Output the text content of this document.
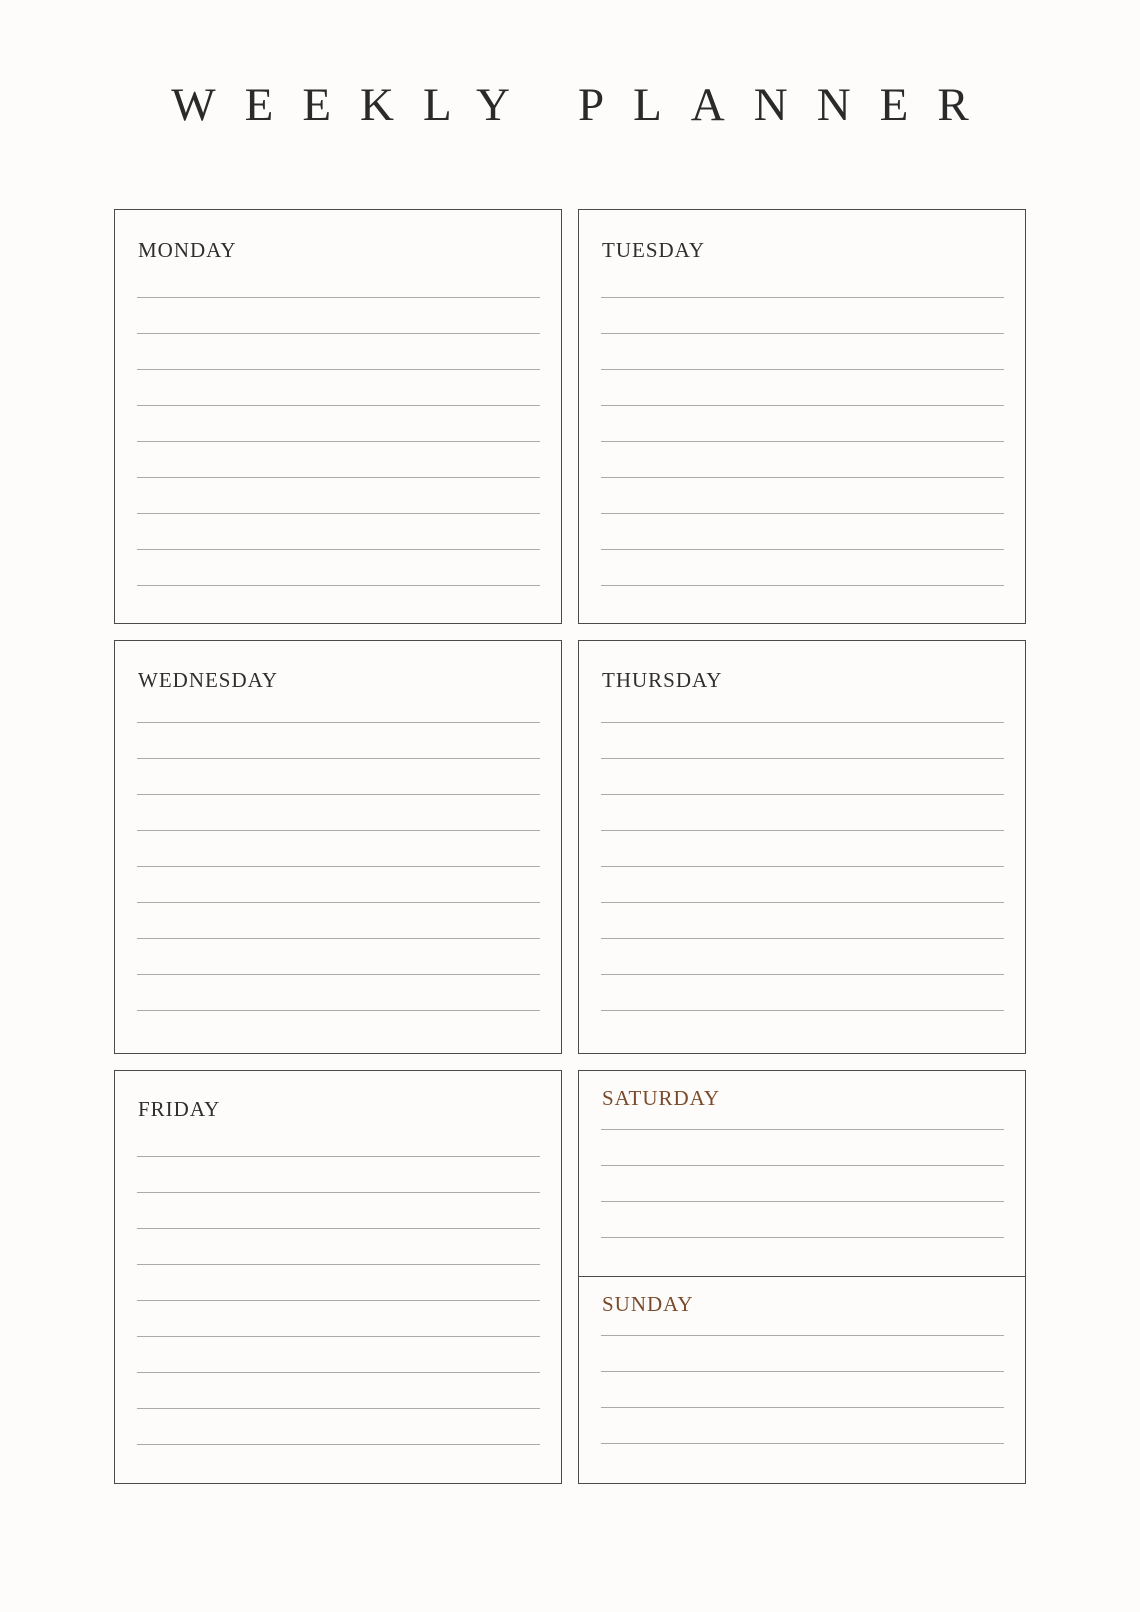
WEEKLY PLANNER
MONDAY	TUESDAY
WEDNESDAY	THURSDAY
FRIDAY	SATURDAY
SUNDAY
